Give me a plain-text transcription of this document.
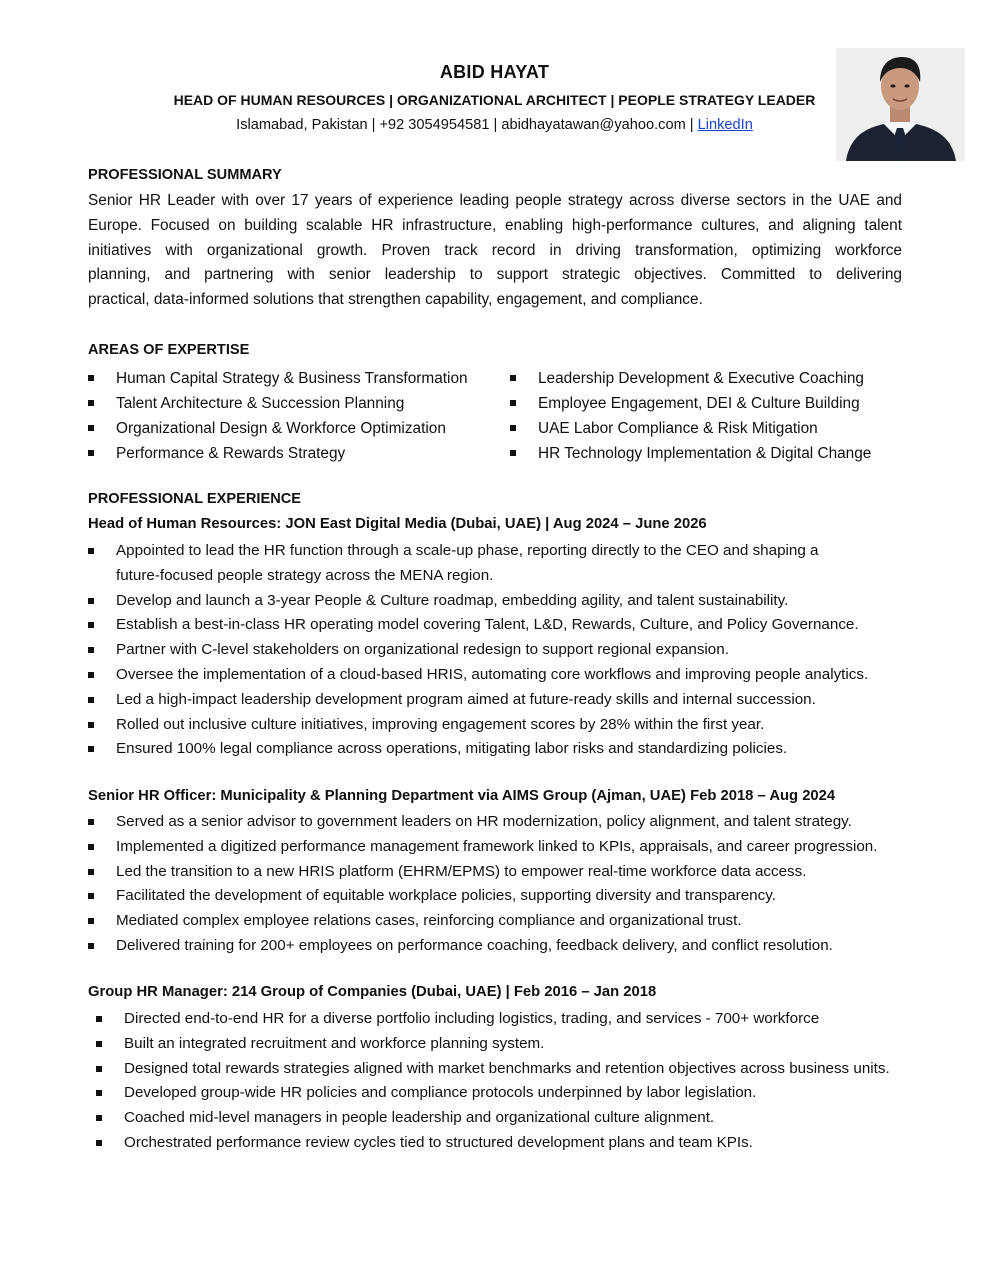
ABID HAYAT
HEAD OF HUMAN RESOURCES | ORGANIZATIONAL ARCHITECT | PEOPLE STRATEGY LEADER
Islamabad, Pakistan | +92 3054954581 | abidhayatawan@yahoo.com | LinkedIn
PROFESSIONAL SUMMARY
Senior HR Leader with over 17 years of experience leading people strategy across diverse sectors in the UAE and
Europe. Focused on building scalable HR infrastructure, enabling high-performance cultures, and aligning talent
initiatives with organizational growth. Proven track record in driving transformation, optimizing workforce
planning, and partnering with senior leadership to support strategic objectives. Committed to delivering
practical, data-informed solutions that strengthen capability, engagement, and compliance.
AREAS OF EXPERTISE
Human Capital Strategy & Business Transformation
Talent Architecture & Succession Planning
Organizational Design & Workforce Optimization
Performance & Rewards Strategy
Leadership Development & Executive Coaching
Employee Engagement, DEI & Culture Building
UAE Labor Compliance & Risk Mitigation
HR Technology Implementation & Digital Change
PROFESSIONAL EXPERIENCE
Head of Human Resources: JON East Digital Media (Dubai, UAE) | Aug 2024 – June 2026
Appointed to lead the HR function through a scale-up phase, reporting directly to the CEO and shaping a
future-focused people strategy across the MENA region.
Develop and launch a 3-year People & Culture roadmap, embedding agility, and talent sustainability.
Establish a best-in-class HR operating model covering Talent, L&D, Rewards, Culture, and Policy Governance.
Partner with C-level stakeholders on organizational redesign to support regional expansion.
Oversee the implementation of a cloud-based HRIS, automating core workflows and improving people analytics.
Led a high-impact leadership development program aimed at future-ready skills and internal succession.
Rolled out inclusive culture initiatives, improving engagement scores by 28% within the first year.
Ensured 100% legal compliance across operations, mitigating labor risks and standardizing policies.
Senior HR Officer: Municipality & Planning Department via AIMS Group (Ajman, UAE) Feb 2018 – Aug 2024
Served as a senior advisor to government leaders on HR modernization, policy alignment, and talent strategy.
Implemented a digitized performance management framework linked to KPIs, appraisals, and career progression.
Led the transition to a new HRIS platform (EHRM/EPMS) to empower real-time workforce data access.
Facilitated the development of equitable workplace policies, supporting diversity and transparency.
Mediated complex employee relations cases, reinforcing compliance and organizational trust.
Delivered training for 200+ employees on performance coaching, feedback delivery, and conflict resolution.
Group HR Manager: 214 Group of Companies (Dubai, UAE) | Feb 2016 – Jan 2018
Directed end-to-end HR for a diverse portfolio including logistics, trading, and services - 700+ workforce
Built an integrated recruitment and workforce planning system.
Designed total rewards strategies aligned with market benchmarks and retention objectives across business units.
Developed group-wide HR policies and compliance protocols underpinned by labor legislation.
Coached mid-level managers in people leadership and organizational culture alignment.
Orchestrated performance review cycles tied to structured development plans and team KPIs.
